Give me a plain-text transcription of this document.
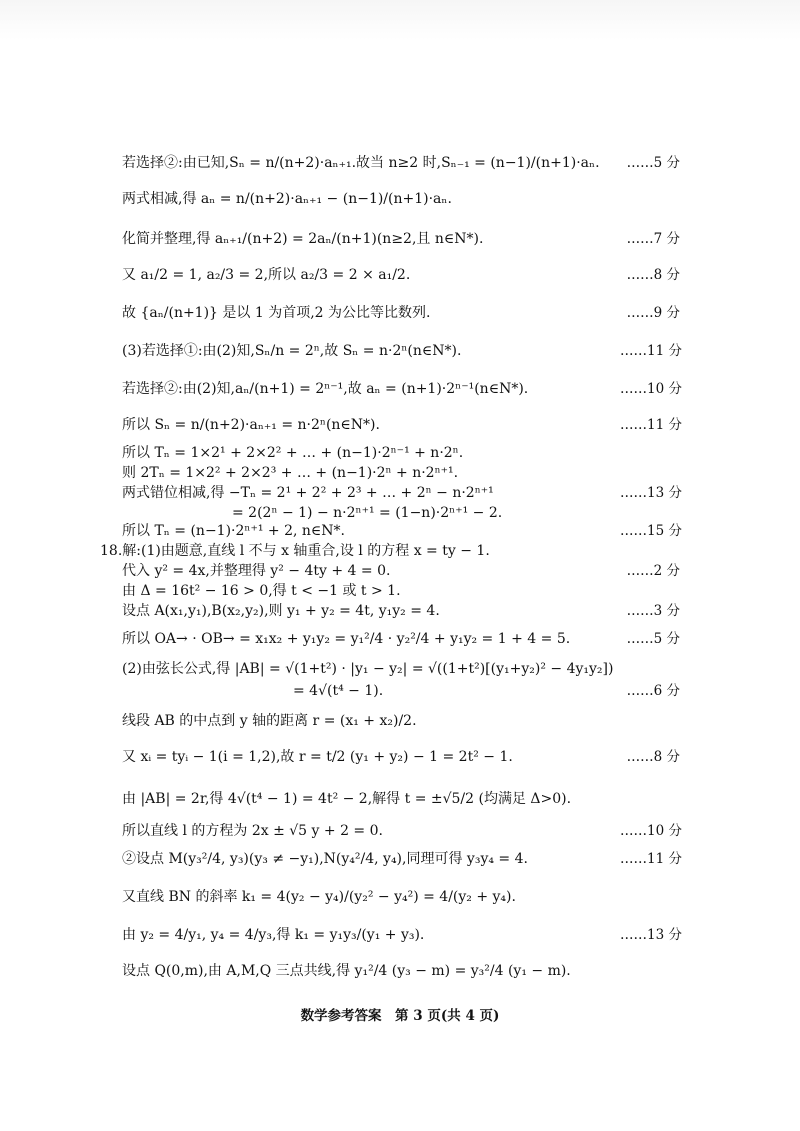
若选择②:由已知,Sₙ = n/(n+2)·aₙ₊₁.故当 n≥2 时,Sₙ₋₁ = (n−1)/(n+1)·aₙ.	……5 分
两式相减,得 aₙ = n/(n+2)·aₙ₊₁ − (n−1)/(n+1)·aₙ.
化简并整理,得 aₙ₊₁/(n+2) = 2aₙ/(n+1)(n≥2,且 n∈N*).	……7 分
又 a₁/2 = 1, a₂/3 = 2,所以 a₂/3 = 2 × a₁/2.	……8 分
故 {aₙ/(n+1)} 是以 1 为首项,2 为公比等比数列.	……9 分
(3)若选择①:由(2)知,Sₙ/n = 2ⁿ,故 Sₙ = n·2ⁿ(n∈N*).	……11 分
若选择②:由(2)知,aₙ/(n+1) = 2ⁿ⁻¹,故 aₙ = (n+1)·2ⁿ⁻¹(n∈N*).	……10 分
所以 Sₙ = n/(n+2)·aₙ₊₁ = n·2ⁿ(n∈N*).	……11 分
所以 Tₙ = 1×2¹ + 2×2² + … + (n−1)·2ⁿ⁻¹ + n·2ⁿ.
则 2Tₙ = 1×2² + 2×2³ + … + (n−1)·2ⁿ + n·2ⁿ⁺¹.
两式错位相减,得 −Tₙ = 2¹ + 2² + 2³ + … + 2ⁿ − n·2ⁿ⁺¹	……13 分
= 2(2ⁿ − 1) − n·2ⁿ⁺¹ = (1−n)·2ⁿ⁺¹ − 2.
所以 Tₙ = (n−1)·2ⁿ⁺¹ + 2, n∈N*.	……15 分
18.解:(1)由题意,直线 l 不与 x 轴重合,设 l 的方程 x = ty − 1.
代入 y² = 4x,并整理得 y² − 4ty + 4 = 0.	……2 分
由 Δ = 16t² − 16 > 0,得 t < −1 或 t > 1.
设点 A(x₁,y₁),B(x₂,y₂),则 y₁ + y₂ = 4t, y₁y₂ = 4.	……3 分
所以 OA→ · OB→ = x₁x₂ + y₁y₂ = y₁²/4 · y₂²/4 + y₁y₂ = 1 + 4 = 5.	……5 分
(2)由弦长公式,得 |AB| = √(1+t²) · |y₁ − y₂| = √((1+t²)[(y₁+y₂)² − 4y₁y₂])
= 4√(t⁴ − 1).	……6 分
线段 AB 的中点到 y 轴的距离 r = (x₁ + x₂)/2.
又 xᵢ = tyᵢ − 1(i = 1,2),故 r = t/2 (y₁ + y₂) − 1 = 2t² − 1.	……8 分
由 |AB| = 2r,得 4√(t⁴ − 1) = 4t² − 2,解得 t = ±√5/2 (均满足 Δ>0).
所以直线 l 的方程为 2x ± √5 y + 2 = 0.	……10 分
②设点 M(y₃²/4, y₃)(y₃ ≠ −y₁),N(y₄²/4, y₄),同理可得 y₃y₄ = 4.	……11 分
又直线 BN 的斜率 k₁ = 4(y₂ − y₄)/(y₂² − y₄²) = 4/(y₂ + y₄).
由 y₂ = 4/y₁, y₄ = 4/y₃,得 k₁ = y₁y₃/(y₁ + y₃).	……13 分
设点 Q(0,m),由 A,M,Q 三点共线,得 y₁²/4 (y₃ − m) = y₃²/4 (y₁ − m).
数学参考答案　第 3 页(共 4 页)
